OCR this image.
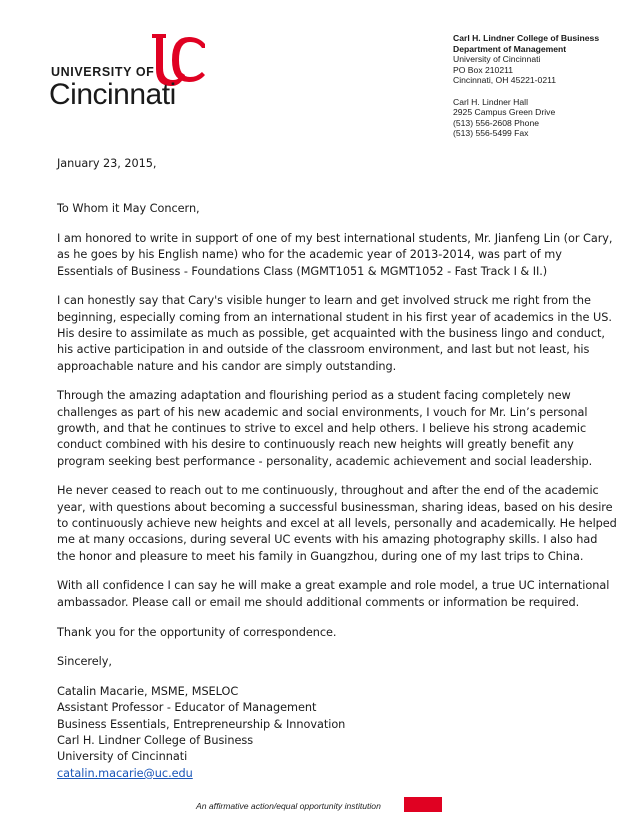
UNIVERSITY OF
Cincinnati
Carl H. Lindner College of Business
Department of Management
University of Cincinnati
PO Box 210211
Cincinnati, OH 45221-0211
Carl H. Lindner Hall
2925 Campus Green Drive
(513) 556-2608 Phone
(513) 556-5499 Fax

January 23, 2015,

To Whom it May Concern,

I am honored to write in support of one of my best international students, Mr. Jianfeng Lin (or Cary, as he goes by his English name) who for the academic year of 2013-2014, was part of my Essentials of Business - Foundations Class (MGMT1051 & MGMT1052 - Fast Track I & II.)

I can honestly say that Cary's visible hunger to learn and get involved struck me right from the beginning, especially coming from an international student in his first year of academics in the US. His desire to assimilate as much as possible, get acquainted with the business lingo and conduct, his active participation in and outside of the classroom environment, and last but not least, his approachable nature and his candor are simply outstanding.

Through the amazing adaptation and flourishing period as a student facing completely new challenges as part of his new academic and social environments, I vouch for Mr. Lin’s personal growth, and that he continues to strive to excel and help others. I believe his strong academic conduct combined with his desire to continuously reach new heights will greatly benefit any program seeking best performance - personality, academic achievement and social leadership.

He never ceased to reach out to me continuously, throughout and after the end of the academic year, with questions about becoming a successful businessman, sharing ideas, based on his desire to continuously achieve new heights and excel at all levels, personally and academically. He helped me at many occasions, during several UC events with his amazing photography skills. I also had the honor and pleasure to meet his family in Guangzhou, during one of my last trips to China.

With all confidence I can say he will make a great example and role model, a true UC international ambassador. Please call or email me should additional comments or information be required.

Thank you for the opportunity of correspondence.

Sincerely,

Catalin Macarie, MSME, MSELOC

Assistant Professor - Educator of Management

Business Essentials, Entrepreneurship & Innovation

Carl H. Lindner College of Business

University of Cincinnati

catalin.macarie@uc.edu

An affirmative action/equal opportunity institution
